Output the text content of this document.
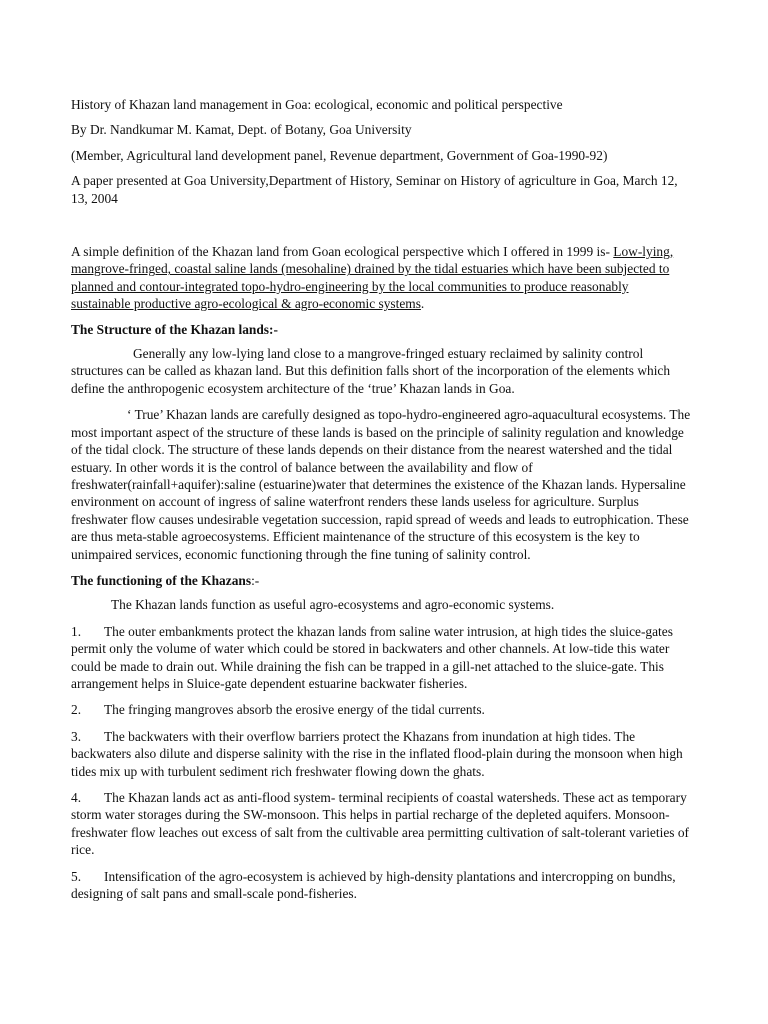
History of Khazan land management in Goa: ecological, economic and political perspective

By Dr. Nandkumar M. Kamat, Dept. of Botany, Goa University

(Member, Agricultural land development panel, Revenue department, Government of Goa-1990-92)

A paper presented at Goa University,Department of History, Seminar on History of agriculture in Goa, March 12, 13, 2004

A simple definition of the Khazan land from Goan ecological perspective which I offered in 1999 is- Low-lying, mangrove-fringed, coastal saline lands (mesohaline) drained by the tidal estuaries which have been subjected to planned and contour-integrated topo-hydro-engineering by the local communities to produce reasonably sustainable productive agro-ecological & agro-economic systems.

The Structure of the Khazan lands:-

Generally any low-lying land close to a mangrove-fringed estuary reclaimed by salinity control structures can be called as khazan land. But this definition falls short of the incorporation of the elements which define the anthropogenic ecosystem architecture of the ‘true’ Khazan lands in Goa.

‘ True’ Khazan lands are carefully designed as topo-hydro-engineered agro-aquacultural ecosystems. The most important aspect of the structure of these lands is based on the principle of salinity regulation and knowledge of the tidal clock. The structure of these lands depends on their distance from the nearest watershed and the tidal estuary. In other words it is the control of balance between the availability and flow of freshwater(rainfall+aquifer):saline (estuarine)water that determines the existence of the Khazan lands. Hypersaline environment on account of ingress of saline waterfront renders these lands useless for agriculture. Surplus freshwater flow causes undesirable vegetation succession, rapid spread of weeds and leads to eutrophication. These are thus meta-stable agroecosystems. Efficient maintenance of the structure of this ecosystem is the key to unimpaired services, economic functioning through the fine tuning of salinity control.

The functioning of the Khazans:-

The Khazan lands function as useful agro-ecosystems and agro-economic systems.

1. The outer embankments protect the khazan lands from saline water intrusion, at high tides the sluice-gates permit only the volume of water which could be stored in backwaters and other channels. At low-tide this water could be made to drain out. While draining the fish can be trapped in a gill-net attached to the sluice-gate. This arrangement helps in Sluice-gate dependent estuarine backwater fisheries.

2. The fringing mangroves absorb the erosive energy of the tidal currents.

3. The backwaters with their overflow barriers protect the Khazans from inundation at high tides. The backwaters also dilute and disperse salinity with the rise in the inflated flood-plain during the monsoon when high tides mix up with turbulent sediment rich freshwater flowing down the ghats.

4. The Khazan lands act as anti-flood system- terminal recipients of coastal watersheds. These act as temporary storm water storages during the SW-monsoon. This helps in partial recharge of the depleted aquifers. Monsoon-freshwater flow leaches out excess of salt from the cultivable area permitting cultivation of salt-tolerant varieties of rice.

5. Intensification of the agro-ecosystem is achieved by high-density plantations and intercropping on bundhs, designing of salt pans and small-scale pond-fisheries.
